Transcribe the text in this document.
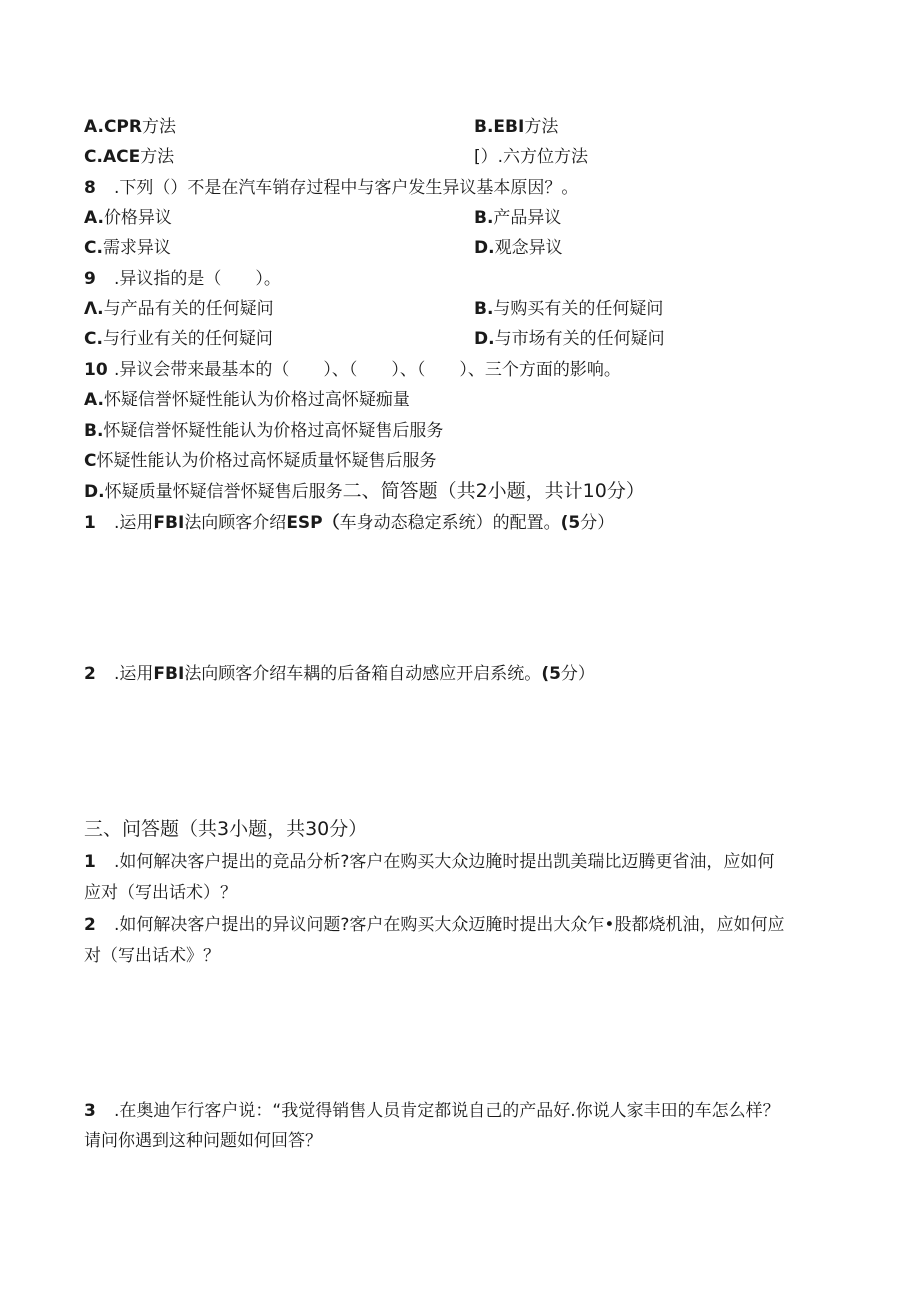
A.CPR方法	B.EBI方法
C.ACE方法	[）.六方位方法
8 .下列（）不是在汽车销存过程中与客户发生异议基本原因？。
A.价格异议	B.产品异议
C.需求异议	D.观念异议
9 .异议指的是（　　）。
Λ.与产品有关的任何疑问	B.与购买有关的任何疑问
C.与行业有关的任何疑问	D.与市场有关的任何疑问
10 .异议会带来最基本的（　　）、（　　）、（　　）、三个方面的影响。
A.怀疑信誉怀疑性能认为价格过高怀疑痂量
B.怀疑信誉怀疑性能认为价格过高怀疑售后服务
C怀疑性能认为价格过高怀疑质量怀疑售后服务
D.怀疑质量怀疑信誉怀疑售后服务二、简答题（共2小题，共计10分）
1 .运用FBI法向顾客介绍ESP（车身动态稳定系统）的配置。(5分）
2 .运用FBI法向顾客介绍车耦的后备箱自动感应开启系统。(5分）
三、问答题（共3小题，共30分）
1 .如何解决客户提出的竞品分析?客户在购买大众边腌时提出凯美瑞比迈腾更省油，应如何
应对（写出话术）？
2 .如何解决客户提出的异议问题?客户在购买大众迈腌时提出大众乍•股都烧机油，应如何应
对（写出话术》？
3 .在奥迪乍行客户说：“我觉得销售人员肯定都说自己的产品好.你说人家丰田的车怎么样？
请问你遇到这种问题如何回答？
